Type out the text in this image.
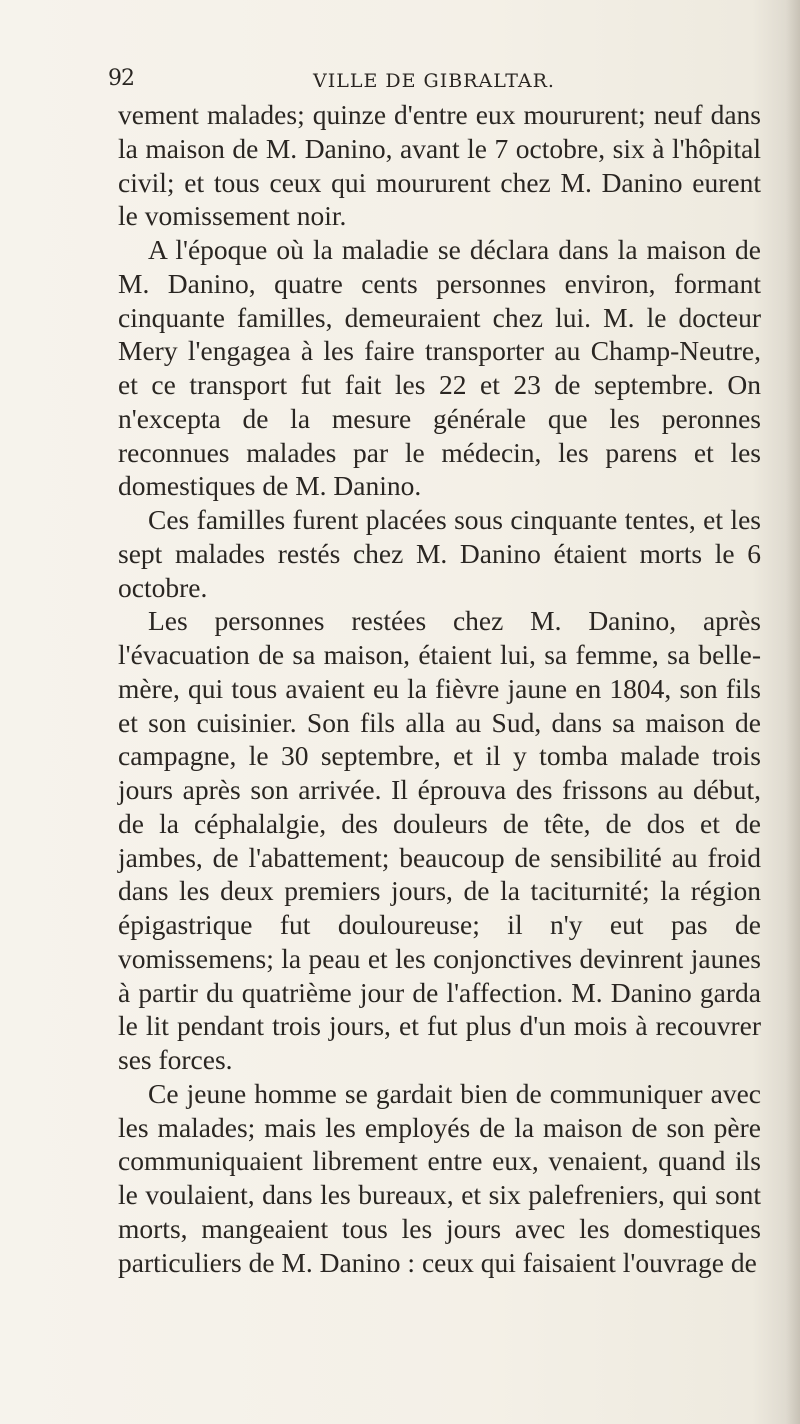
92	VILLE DE GIBRALTAR.

vement malades; quinze d'entre eux moururent; neuf dans la maison de M. Danino, avant le 7 octobre, six à l'hôpital civil; et tous ceux qui moururent chez M. Danino eurent le vomissement noir.

A l'époque où la maladie se déclara dans la maison de M. Danino, quatre cents personnes environ, formant cinquante familles, demeuraient chez lui. M. le docteur Mery l'engagea à les faire transporter au Champ-Neutre, et ce transport fut fait les 22 et 23 de septembre. On n'excepta de la mesure générale que les peronnes reconnues malades par le médecin, les parens et les domestiques de M. Danino.

Ces familles furent placées sous cinquante tentes, et les sept malades restés chez M. Danino étaient morts le 6 octobre.

Les personnes restées chez M. Danino, après l'évacuation de sa maison, étaient lui, sa femme, sa belle-mère, qui tous avaient eu la fièvre jaune en 1804, son fils et son cuisinier. Son fils alla au Sud, dans sa maison de campagne, le 30 septembre, et il y tomba malade trois jours après son arrivée. Il éprouva des frissons au début, de la céphalalgie, des douleurs de tête, de dos et de jambes, de l'abattement; beaucoup de sensibilité au froid dans les deux premiers jours, de la taciturnité; la région épigastrique fut douloureuse; il n'y eut pas de vomissemens; la peau et les conjonctives devinrent jaunes à partir du quatrième jour de l'affection. M. Danino garda le lit pendant trois jours, et fut plus d'un mois à recouvrer ses forces.

Ce jeune homme se gardait bien de communiquer avec les malades; mais les employés de la maison de son père communiquaient librement entre eux, venaient, quand ils le voulaient, dans les bureaux, et six palefreniers, qui sont morts, mangeaient tous les jours avec les domestiques particuliers de M. Danino : ceux qui faisaient l'ouvrage de
